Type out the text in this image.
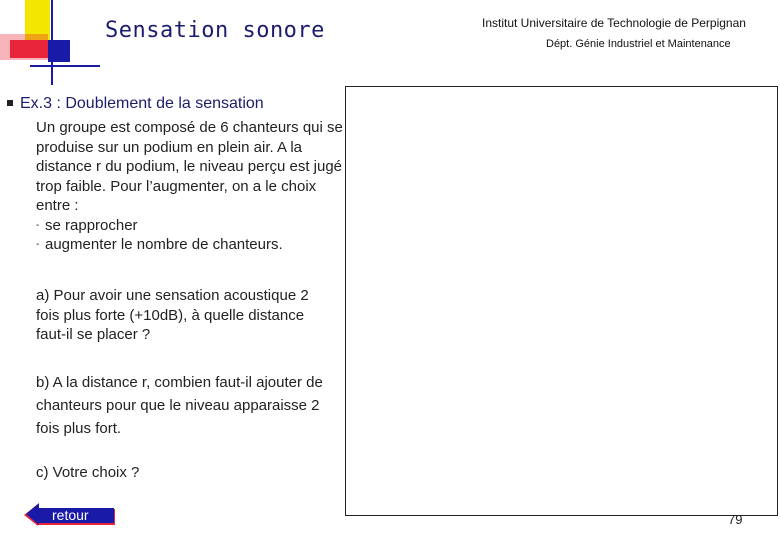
Sensation sonore	Institut Universitaire de Technologie de Perpignan
Dépt. Génie Industriel et Maintenance
Ex.3 : Doublement de la sensation

Un groupe est composé de 6 chanteurs qui se produise sur un podium en plein air. A la distance r du podium, le niveau perçu est jugé trop faible. Pour l’augmenter, on a le choix entre :

- se rapprocher
- augmenter le nombre de chanteurs.
a) Pour avoir une sensation acoustique 2 fois plus forte (+10dB), à quelle distance faut-il se placer ?
b) A la distance r, combien faut-il ajouter de chanteurs pour que le niveau apparaisse 2 fois plus fort.
c) Votre choix ?
79
retour
